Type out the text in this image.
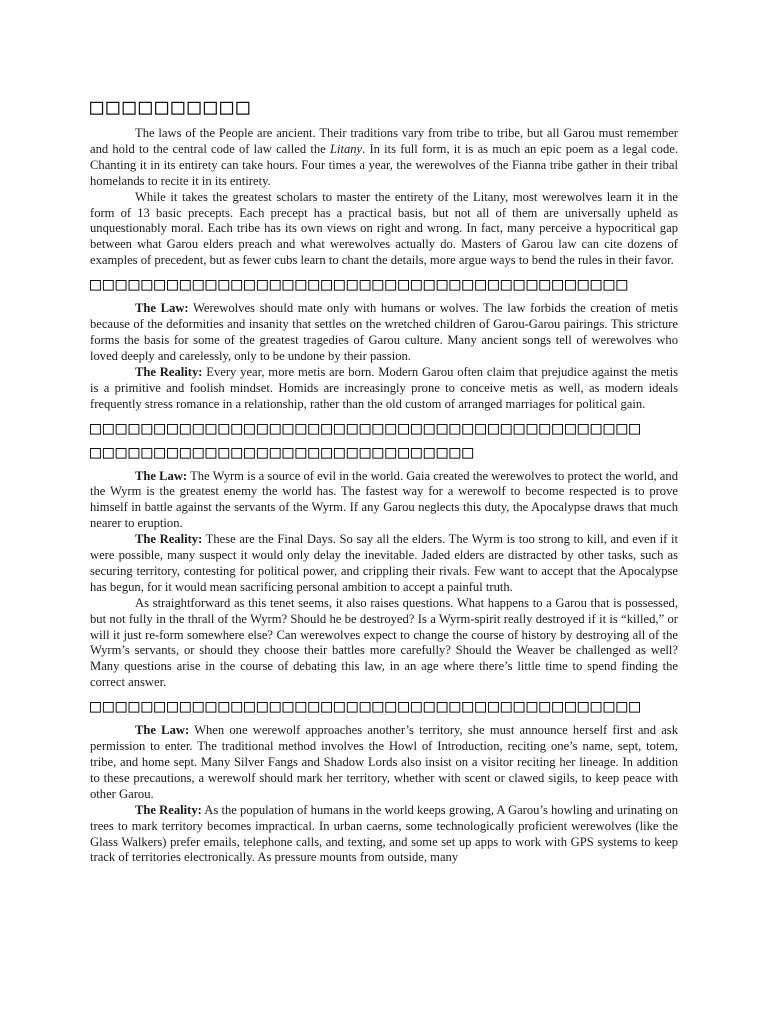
□□□□□□□□□□

The laws of the People are ancient. Their traditions vary from tribe to tribe, but all Garou must remember and hold to the central code of law called the Litany. In its full form, it is as much an epic poem as a legal code. Chanting it in its entirety can take hours. Four times a year, the werewolves of the Fianna tribe gather in their tribal homelands to recite it in its entirety.

While it takes the greatest scholars to master the entirety of the Litany, most werewolves learn it in the form of 13 basic precepts. Each precept has a practical basis, but not all of them are universally upheld as unquestionably moral. Each tribe has its own views on right and wrong. In fact, many perceive a hypocritical gap between what Garou elders preach and what werewolves actually do. Masters of Garou law can cite dozens of examples of precedent, but as fewer cubs learn to chant the details, more argue ways to bend the rules in their favor.

□□□□□□□□□□□□□□□□□□□□□□□□□□□□□□□□□□□□□□□□□□

The Law: Werewolves should mate only with humans or wolves. The law forbids the creation of metis because of the deformities and insanity that settles on the wretched children of Garou-Garou pairings. This stricture forms the basis for some of the greatest tragedies of Garou culture. Many ancient songs tell of werewolves who loved deeply and carelessly, only to be undone by their passion.

The Reality: Every year, more metis are born. Modern Garou often claim that prejudice against the metis is a primitive and foolish mindset. Homids are increasingly prone to conceive metis as well, as modern ideals frequently stress romance in a relationship, rather than the old custom of arranged marriages for political gain.

□□□□□□□□□□□□□□□□□□□□□□□□□□□□□□□□□□□□□□□□□□□
□□□□□□□□□□□□□□□□□□□□□□□□□□□□□□

The Law: The Wyrm is a source of evil in the world. Gaia created the werewolves to protect the world, and the Wyrm is the greatest enemy the world has. The fastest way for a werewolf to become respected is to prove himself in battle against the servants of the Wyrm. If any Garou neglects this duty, the Apocalypse draws that much nearer to eruption.

The Reality: These are the Final Days. So say all the elders. The Wyrm is too strong to kill, and even if it were possible, many suspect it would only delay the inevitable. Jaded elders are distracted by other tasks, such as securing territory, contesting for political power, and crippling their rivals. Few want to accept that the Apocalypse has begun, for it would mean sacrificing personal ambition to accept a painful truth.

As straightforward as this tenet seems, it also raises questions. What happens to a Garou that is possessed, but not fully in the thrall of the Wyrm? Should he be destroyed? Is a Wyrm-spirit really destroyed if it is “killed,” or will it just re-form somewhere else? Can werewolves expect to change the course of history by destroying all of the Wyrm’s servants, or should they choose their battles more carefully? Should the Weaver be challenged as well? Many questions arise in the course of debating this law, in an age where there’s little time to spend finding the correct answer.

□□□□□□□□□□□□□□□□□□□□□□□□□□□□□□□□□□□□□□□□□□□

The Law: When one werewolf approaches another’s territory, she must announce herself first and ask permission to enter. The traditional method involves the Howl of Introduction, reciting one’s name, sept, totem, tribe, and home sept. Many Silver Fangs and Shadow Lords also insist on a visitor reciting her lineage. In addition to these precautions, a werewolf should mark her territory, whether with scent or clawed sigils, to keep peace with other Garou.

The Reality: As the population of humans in the world keeps growing, A Garou’s howling and urinating on trees to mark territory becomes impractical. In urban caerns, some technologically proficient werewolves (like the Glass Walkers) prefer emails, telephone calls, and texting, and some set up apps to work with GPS systems to keep track of territories electronically. As pressure mounts from outside, many
